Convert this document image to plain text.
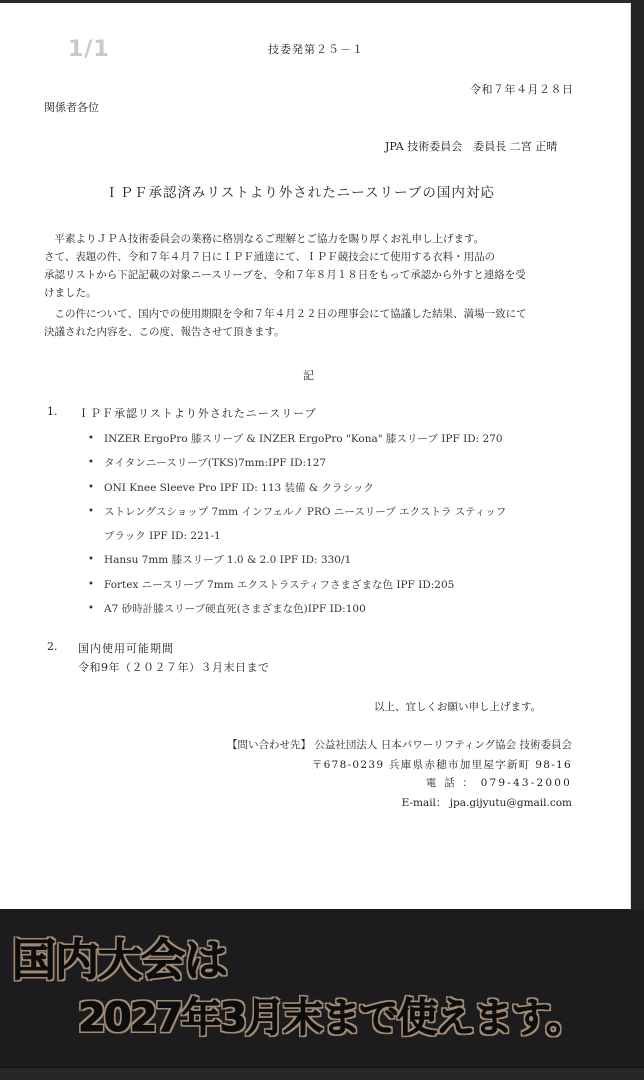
1/1	技委発第２５－１
令和７年４月２８日
関係者各位
JPA 技術委員会　委員長 二宮 正晴
ＩＰＦ承認済みリストより外されたニースリーブの国内対応
　平素よりＪＰＡ技術委員会の業務に格別なるご理解とご協力を賜り厚くお礼申し上げます。
さて、表題の件、令和７年４月７日にＩＰＦ通達にて、ＩＰＦ競技会にて使用する衣料・用品の
承認リストから下記記載の対象ニースリーブを、令和７年８月１８日をもって承認から外すと連絡を受
けました。
　この件について、国内での使用期限を令和７年４月２２日の理事会にて協議した結果、満場一致にて
決議された内容を、この度、報告させて頂きます。
記
1. ＩＰＦ承認リストより外されたニースリーブ
• INZER ErgoPro 膝スリーブ & INZER ErgoPro "Kona" 膝スリーブ IPF ID: 270
• タイタンニースリーブ(TKS)7mm:IPF ID:127
• ONI Knee Sleeve Pro IPF ID: 113 装備 & クラシック
• ストレングスショップ 7mm インフェルノ PRO ニースリーブ エクストラ スティッフ
ブラック IPF ID: 221-1
• Hansu 7mm 膝スリーブ 1.0 & 2.0 IPF ID: 330/1
• Fortex ニースリーブ 7mm エクストラスティフさまざまな色 IPF ID:205
• A7 砂時計膝スリーブ硬直死(さまざまな色)IPF ID:100
2. 国内使用可能期間
令和9年（２０２７年）３月末日まで
以上、宜しくお願い申し上げます。
【問い合わせ先】 公益社団法人 日本パワーリフティング協会 技術委員会
〒678-0239 兵庫県赤穂市加里屋字新町 98-16
電 話 ： 079-43-2000
E-mail： jpa.gijyutu@gmail.com
国内大会は
2027年3月末まで使えます。
